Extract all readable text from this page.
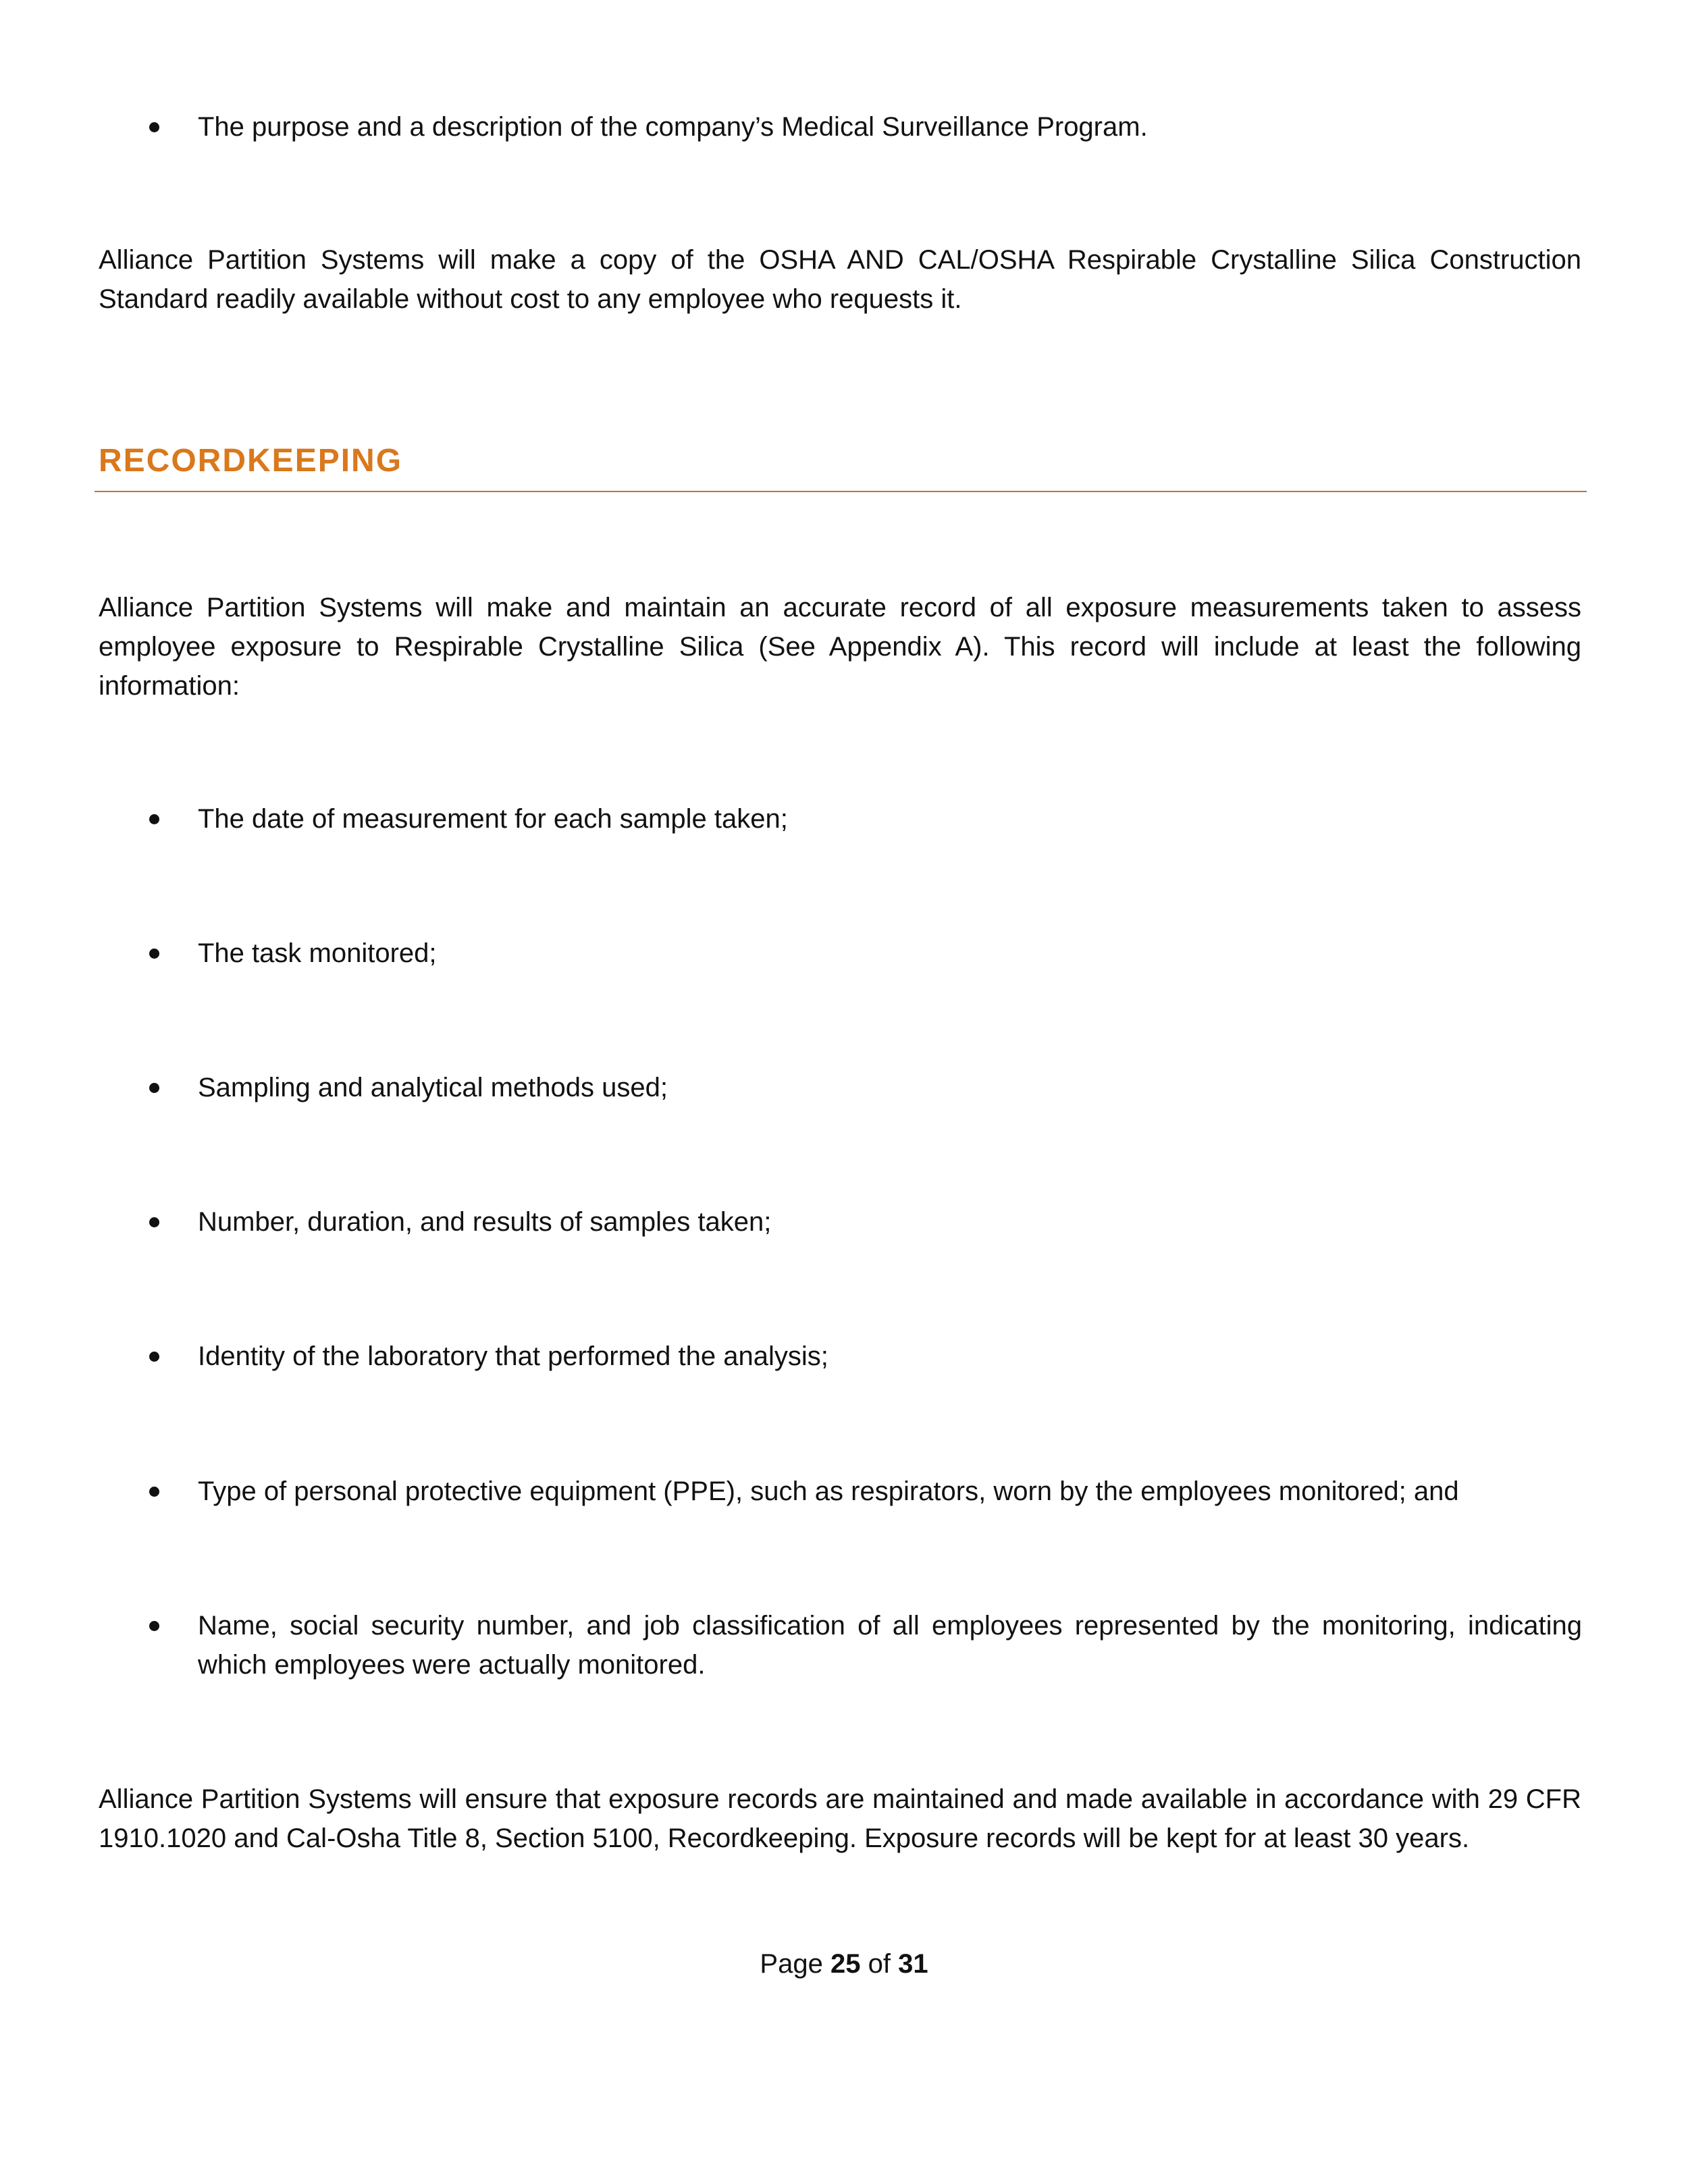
The purpose and a description of the company’s Medical Surveillance Program.
Alliance Partition Systems will make a copy of the OSHA AND CAL/OSHA Respirable Crystalline Silica Construction Standard readily available without cost to any employee who requests it.
RECORDKEEPING
Alliance Partition Systems will make and maintain an accurate record of all exposure measurements taken to assess employee exposure to Respirable Crystalline Silica (See Appendix A). This record will include at least the following information:
The date of measurement for each sample taken;
The task monitored;
Sampling and analytical methods used;
Number, duration, and results of samples taken;
Identity of the laboratory that performed the analysis;
Type of personal protective equipment (PPE), such as respirators, worn by the employees monitored; and
Name, social security number, and job classification of all employees represented by the monitoring, indicating which employees were actually monitored.
Alliance Partition Systems will ensure that exposure records are maintained and made available in accordance with 29 CFR 1910.1020 and Cal-Osha Title 8, Section 5100, Recordkeeping. Exposure records will be kept for at least 30 years.
Page 25 of 31
